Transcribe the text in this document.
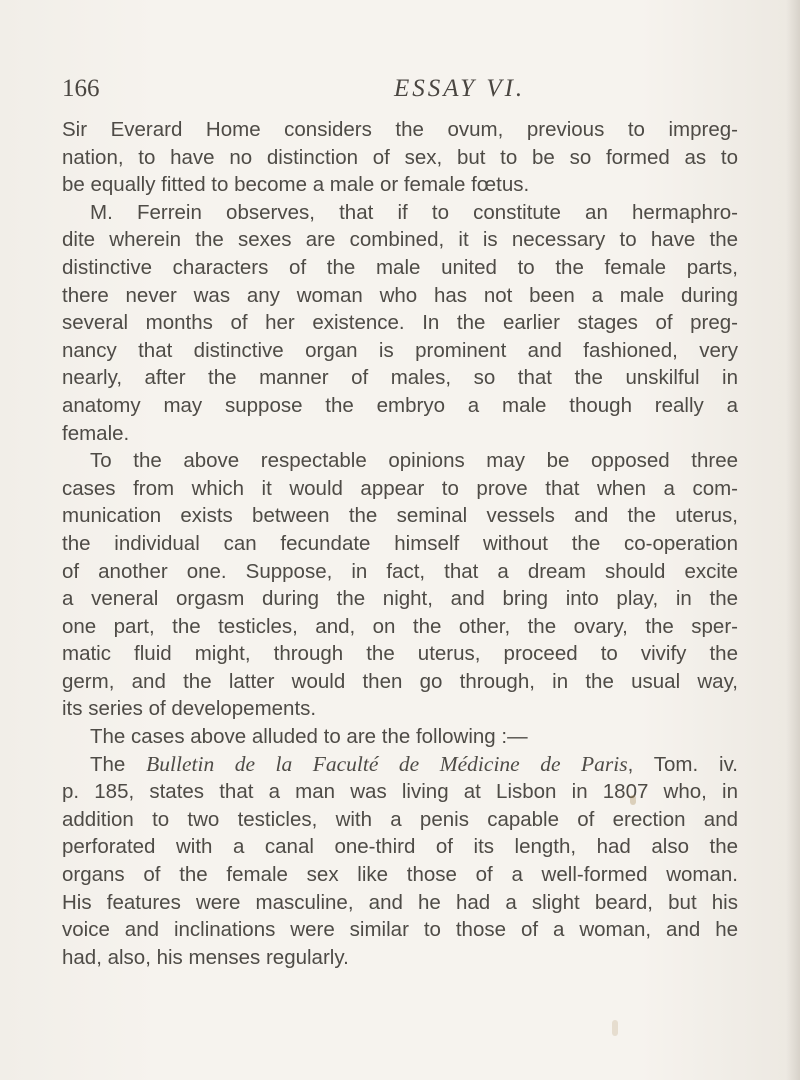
166	ESSAY VI.
Sir Everard Home considers the ovum, previous to impreg-
nation, to have no distinction of sex, but to be so formed as to
be equally fitted to become a male or female fœtus.
M. Ferrein observes, that if to constitute an hermaphro-
dite wherein the sexes are combined, it is necessary to have the
distinctive characters of the male united to the female parts,
there never was any woman who has not been a male during
several months of her existence. In the earlier stages of preg-
nancy that distinctive organ is prominent and fashioned, very
nearly, after the manner of males, so that the unskilful in
anatomy may suppose the embryo a male though really a
female.
To the above respectable opinions may be opposed three
cases from which it would appear to prove that when a com-
munication exists between the seminal vessels and the uterus,
the individual can fecundate himself without the co-operation
of another one. Suppose, in fact, that a dream should excite
a veneral orgasm during the night, and bring into play, in the
one part, the testicles, and, on the other, the ovary, the sper-
matic fluid might, through the uterus, proceed to vivify the
germ, and the latter would then go through, in the usual way,
its series of developements.
The cases above alluded to are the following :—
The Bulletin de la Faculté de Médicine de Paris, Tom. iv.
p. 185, states that a man was living at Lisbon in 1807 who, in
addition to two testicles, with a penis capable of erection and
perforated with a canal one-third of its length, had also the
organs of the female sex like those of a well-formed woman.
His features were masculine, and he had a slight beard, but his
voice and inclinations were similar to those of a woman, and he
had, also, his menses regularly.
